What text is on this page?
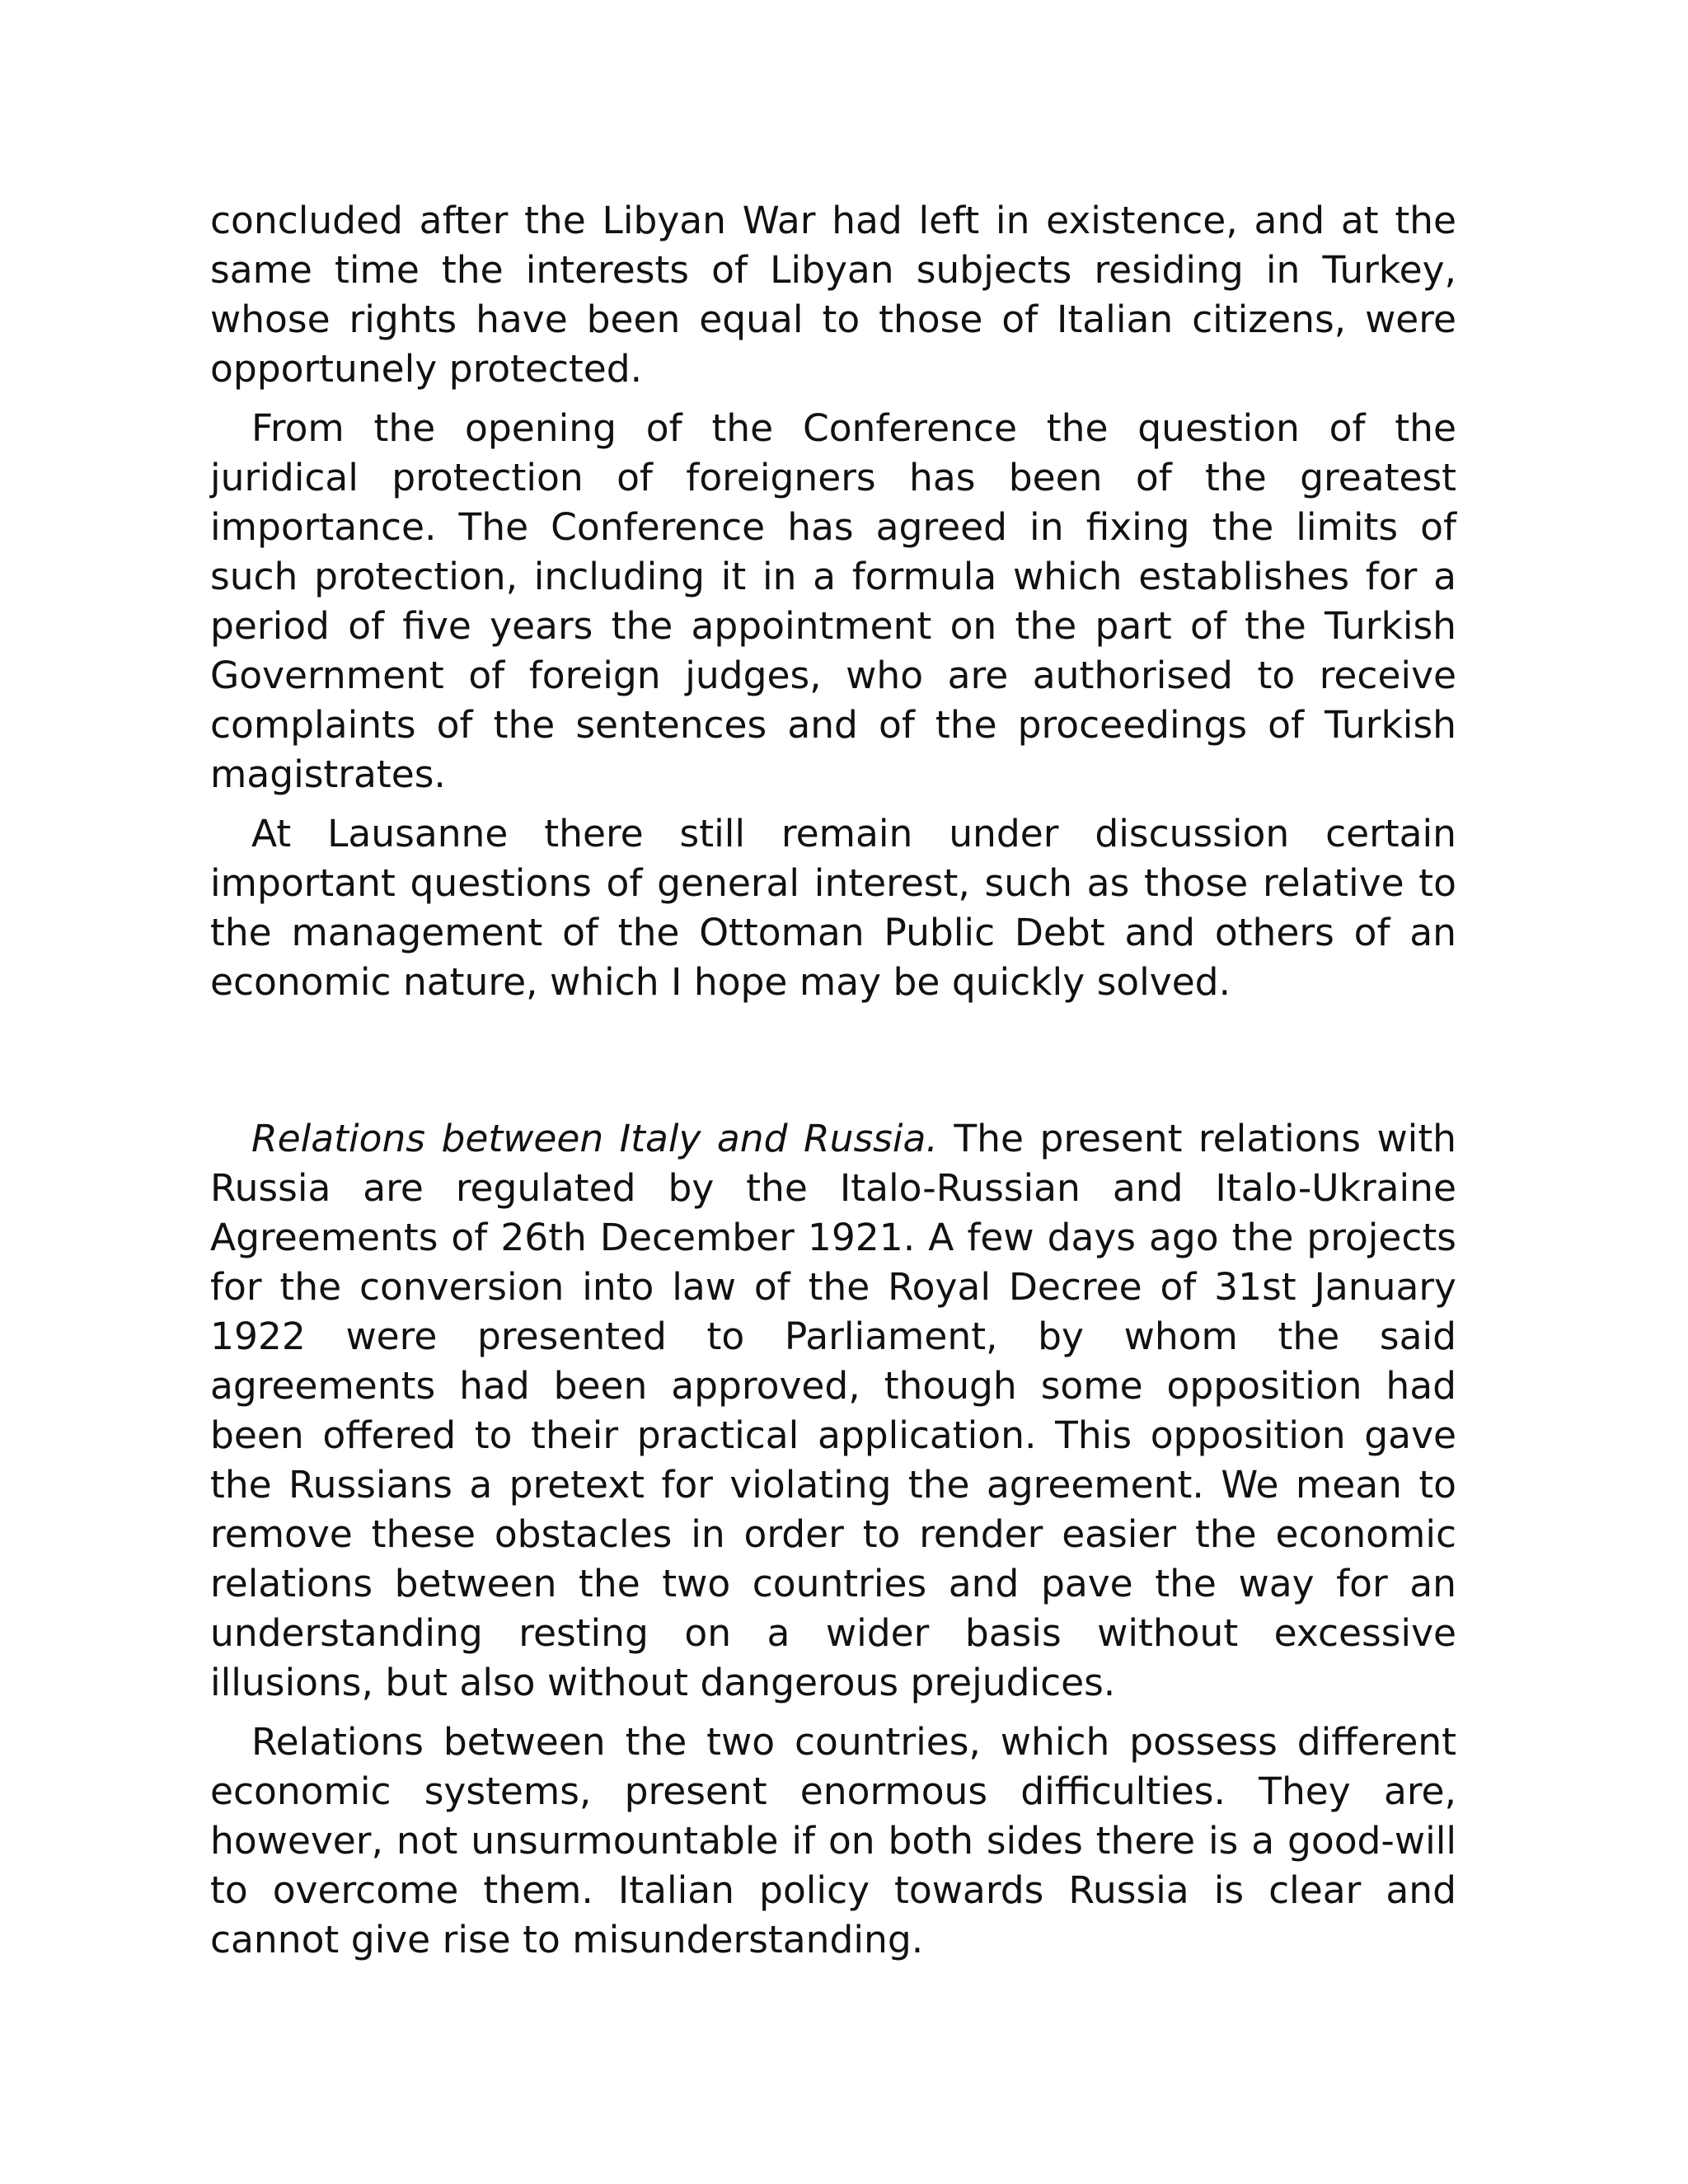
concluded after the Libyan War had left in existence, and at the same time the interests of Libyan subjects residing in Turkey, whose rights have been equal to those of Italian citizens, were opportunely protected.

From the opening of the Conference the question of the juridical protection of foreigners has been of the greatest importance. The Conference has agreed in fixing the limits of such protection, including it in a formula which establishes for a period of five years the appointment on the part of the Turkish Government of foreign judges, who are authorised to receive complaints of the sentences and of the proceedings of Turkish magistrates.

At Lausanne there still remain under discussion certain important questions of general interest, such as those relative to the management of the Ottoman Public Debt and others of an economic nature, which I hope may be quickly solved.

Relations between Italy and Russia. The present relations with Russia are regulated by the Italo-Russian and Italo-Ukraine Agreements of 26th December 1921. A few days ago the projects for the conversion into law of the Royal Decree of 31st January 1922 were presented to Parliament, by whom the said agreements had been approved, though some opposition had been offered to their practical application. This opposition gave the Russians a pretext for violating the agreement. We mean to remove these obstacles in order to render easier the economic relations between the two countries and pave the way for an understanding resting on a wider basis without excessive illusions, but also without dangerous prejudices.

Relations between the two countries, which possess different economic systems, present enormous difficulties. They are, however, not unsurmountable if on both sides there is a good-will to overcome them. Italian policy towards Russia is clear and cannot give rise to misunderstanding.
